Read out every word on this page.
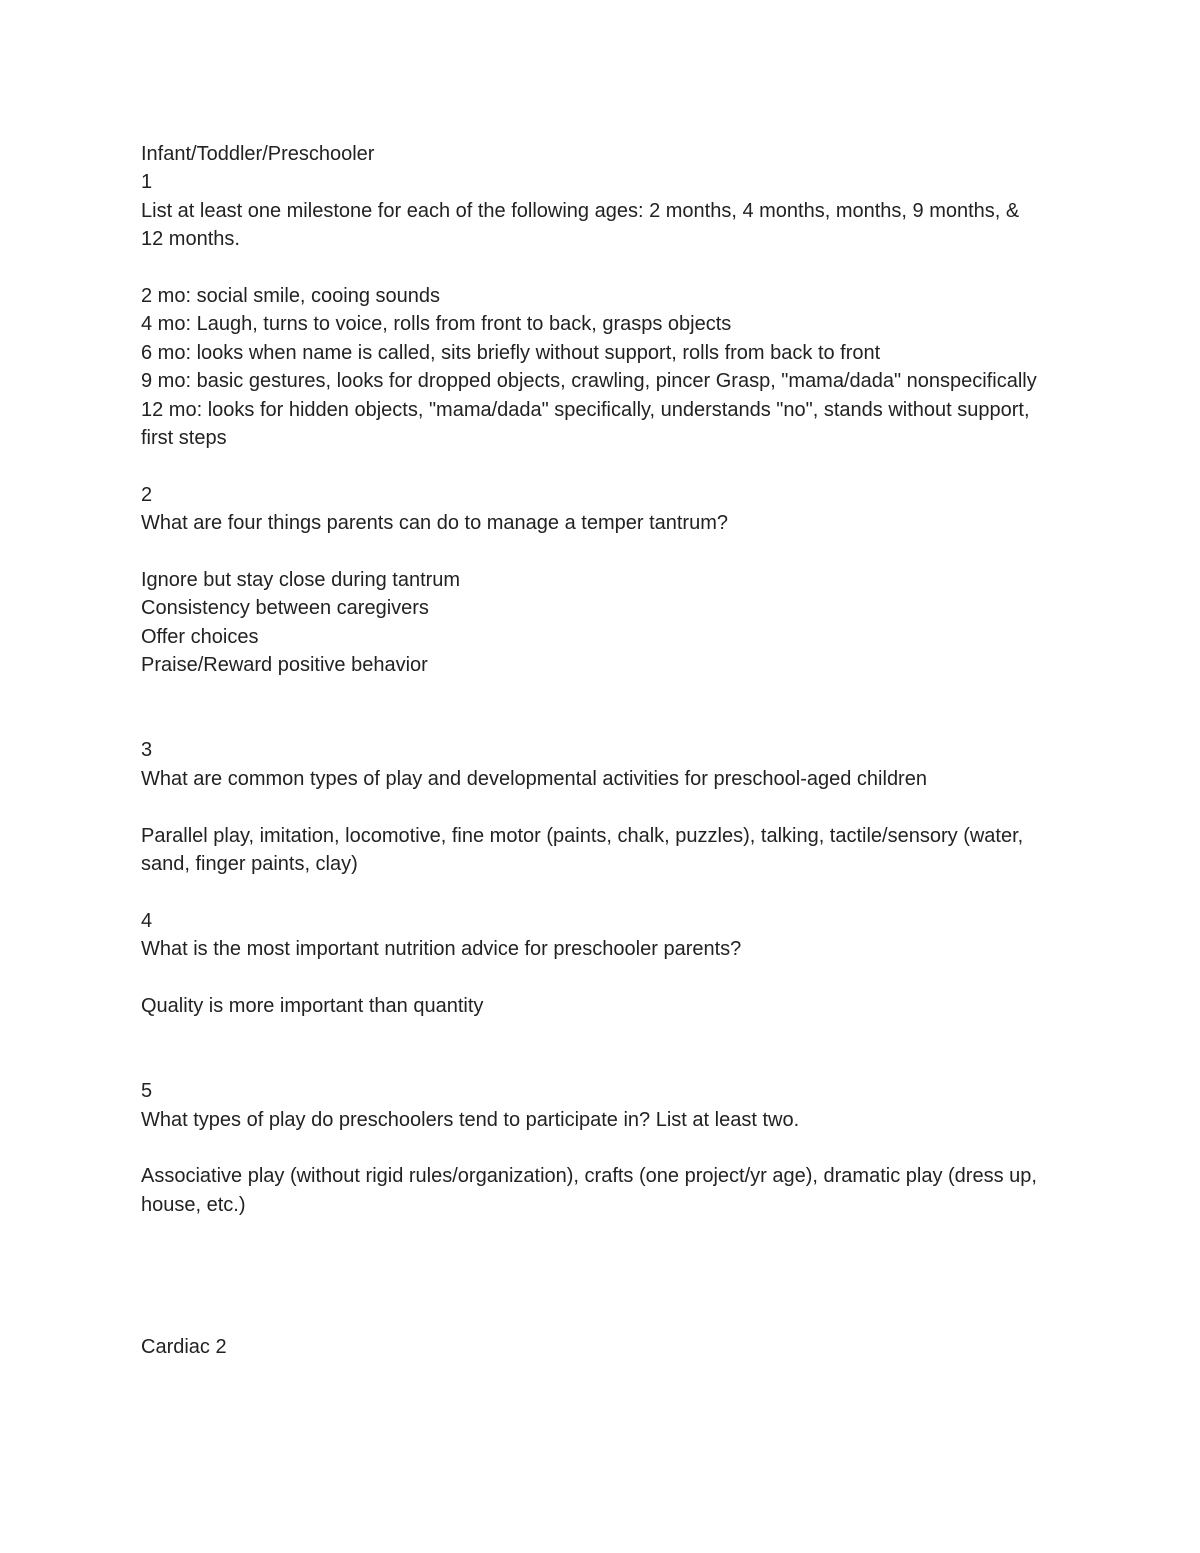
Infant/Toddler/Preschooler
1
List at least one milestone for each of the following ages: 2 months, 4 months, months, 9 months, & 12 months.
2 mo: social smile, cooing sounds
4 mo: Laugh, turns to voice, rolls from front to back, grasps objects
6 mo: looks when name is called, sits briefly without support, rolls from back to front
9 mo: basic gestures, looks for dropped objects, crawling, pincer Grasp, "mama/dada" nonspecifically
12 mo: looks for hidden objects, "mama/dada" specifically, understands "no", stands without support, first steps
2
What are four things parents can do to manage a temper tantrum?
Ignore but stay close during tantrum
Consistency between caregivers
Offer choices
Praise/Reward positive behavior
3
What are common types of play and developmental activities for preschool-aged children
Parallel play, imitation, locomotive, fine motor (paints, chalk, puzzles), talking, tactile/sensory (water, sand, finger paints, clay)
4
What is the most important nutrition advice for preschooler parents?
Quality is more important than quantity
5
What types of play do preschoolers tend to participate in? List at least two.
Associative play (without rigid rules/organization), crafts (one project/yr age), dramatic play (dress up, house, etc.)
Cardiac 2
